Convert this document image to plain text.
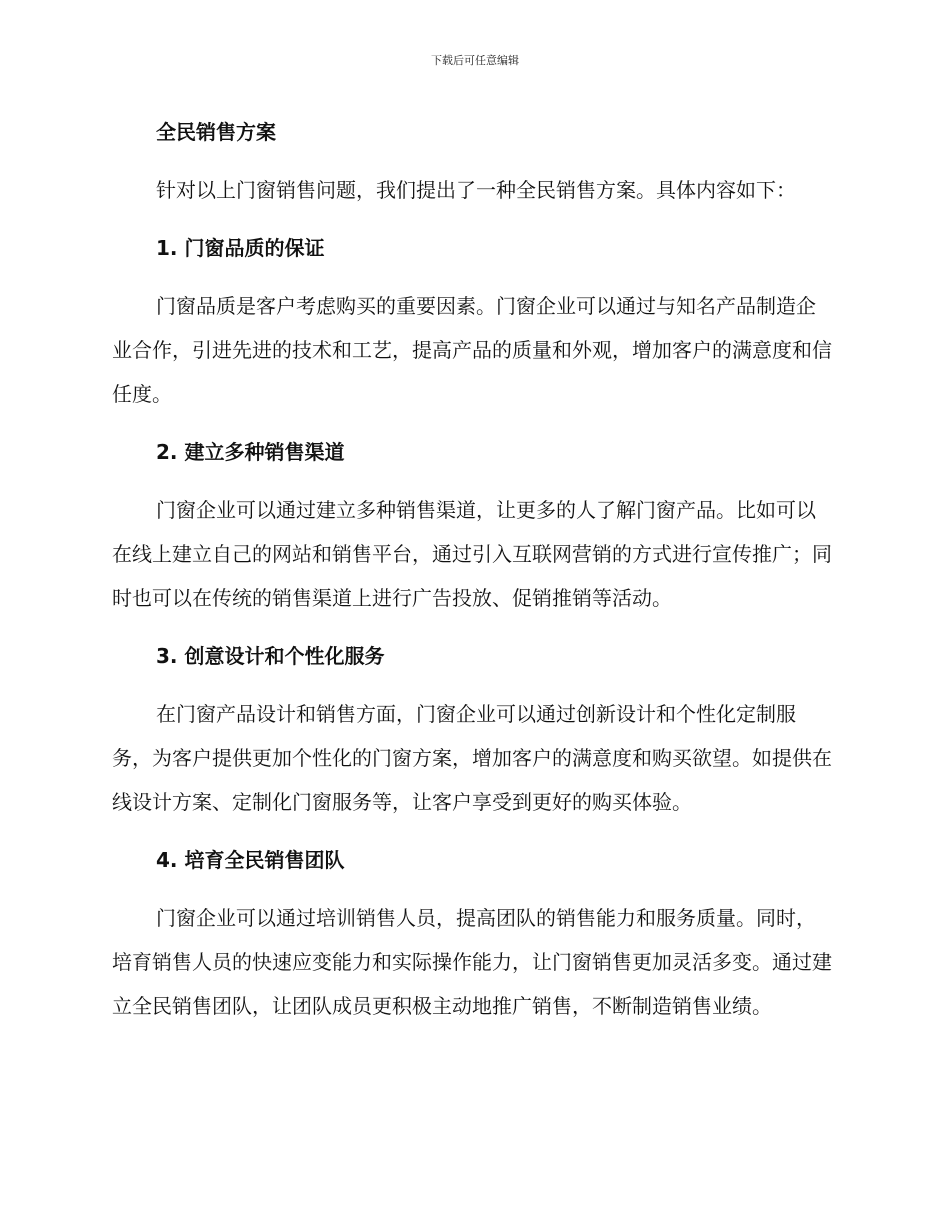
下载后可任意编辑
全民销售方案

针对以上门窗销售问题，我们提出了一种全民销售方案。具体内容如下：

1. 门窗品质的保证

门窗品质是客户考虑购买的重要因素。门窗企业可以通过与知名产品制造企业合作，引进先进的技术和工艺，提高产品的质量和外观，增加客户的满意度和信任度。

2. 建立多种销售渠道

门窗企业可以通过建立多种销售渠道，让更多的人了解门窗产品。比如可以在线上建立自己的网站和销售平台，通过引入互联网营销的方式进行宣传推广；同时也可以在传统的销售渠道上进行广告投放、促销推销等活动。

3. 创意设计和个性化服务

在门窗产品设计和销售方面，门窗企业可以通过创新设计和个性化定制服务，为客户提供更加个性化的门窗方案，增加客户的满意度和购买欲望。如提供在线设计方案、定制化门窗服务等，让客户享受到更好的购买体验。

4. 培育全民销售团队

门窗企业可以通过培训销售人员，提高团队的销售能力和服务质量。同时，培育销售人员的快速应变能力和实际操作能力，让门窗销售更加灵活多变。通过建立全民销售团队，让团队成员更积极主动地推广销售，不断制造销售业绩。
